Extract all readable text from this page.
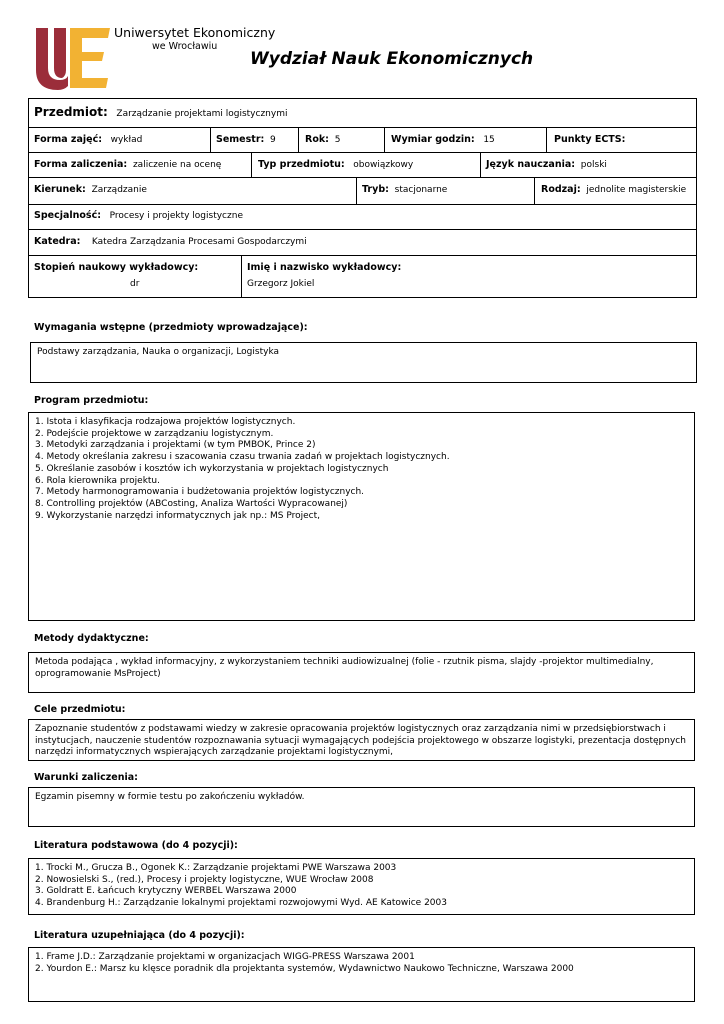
Uniwersytet Ekonomiczny
we Wrocławiu
Wydział Nauk Ekonomicznych
Przedmiot: Zarządzanie projektami logistycznymi
Forma zajęć: wykład	Semestr: 9	Rok: 5	Wymiar godzin: 15	Punkty ECTS:
Forma zaliczenia: zaliczenie na ocenę	Typ przedmiotu: obowiązkowy	Język nauczania: polski
Kierunek: Zarządzanie	Tryb: stacjonarne	Rodzaj: jednolite magisterskie
Specjalność: Procesy i projekty logistyczne
Katedra: Katedra Zarządzania Procesami Gospodarczymi
Stopień naukowy wykładowcy:
dr
Imię i nazwisko wykładowcy:
Grzegorz Jokiel
Wymagania wstępne (przedmioty wprowadzające):
Podstawy zarządzania, Nauka o organizacji, Logistyka
Program przedmiotu:
1. Istota i klasyfikacja rodzajowa projektów logistycznych.
2. Podejście projektowe w zarządzaniu logistycznym.
3. Metodyki zarządzania i projektami (w tym PMBOK, Prince 2)
4. Metody określania zakresu i szacowania czasu trwania zadań w projektach logistycznych.
5. Określanie zasobów i kosztów ich wykorzystania w projektach logistycznych
6. Rola kierownika projektu.
7. Metody harmonogramowania i budżetowania projektów logistycznych.
8. Controlling projektów (ABCosting, Analiza Wartości Wypracowanej)
9. Wykorzystanie narzędzi informatycznych jak np.: MS Project,
Metody dydaktyczne:
Metoda podająca , wykład informacyjny, z wykorzystaniem techniki audiowizualnej (folie - rzutnik pisma, slajdy -projektor multimedialny,
oprogramowanie MsProject)
Cele przedmiotu:
Zapoznanie studentów z podstawami wiedzy w zakresie opracowania projektów logistycznych oraz zarządzania nimi w przedsiębiorstwach i
instytucjach, nauczenie studentów rozpoznawania sytuacji wymagających podejścia projektowego w obszarze logistyki, prezentacja dostępnych
narzędzi informatycznych wspierających zarządzanie projektami logistycznymi,
Warunki zaliczenia:
Egzamin pisemny w formie testu po zakończeniu wykładów.
Literatura podstawowa (do 4 pozycji):
1. Trocki M., Grucza B., Ogonek K.: Zarządzanie projektami PWE Warszawa 2003
2. Nowosielski S., (red.), Procesy i projekty logistyczne, WUE Wrocław 2008
3. Goldratt E. Łańcuch krytyczny WERBEL Warszawa 2000
4. Brandenburg H.: Zarządzanie lokalnymi projektami rozwojowymi Wyd. AE Katowice 2003
Literatura uzupełniająca (do 4 pozycji):
1. Frame J.D.: Zarządzanie projektami w organizacjach WIGG-PRESS Warszawa 2001
2. Yourdon E.: Marsz ku klęsce poradnik dla projektanta systemów, Wydawnictwo Naukowo Techniczne, Warszawa 2000
